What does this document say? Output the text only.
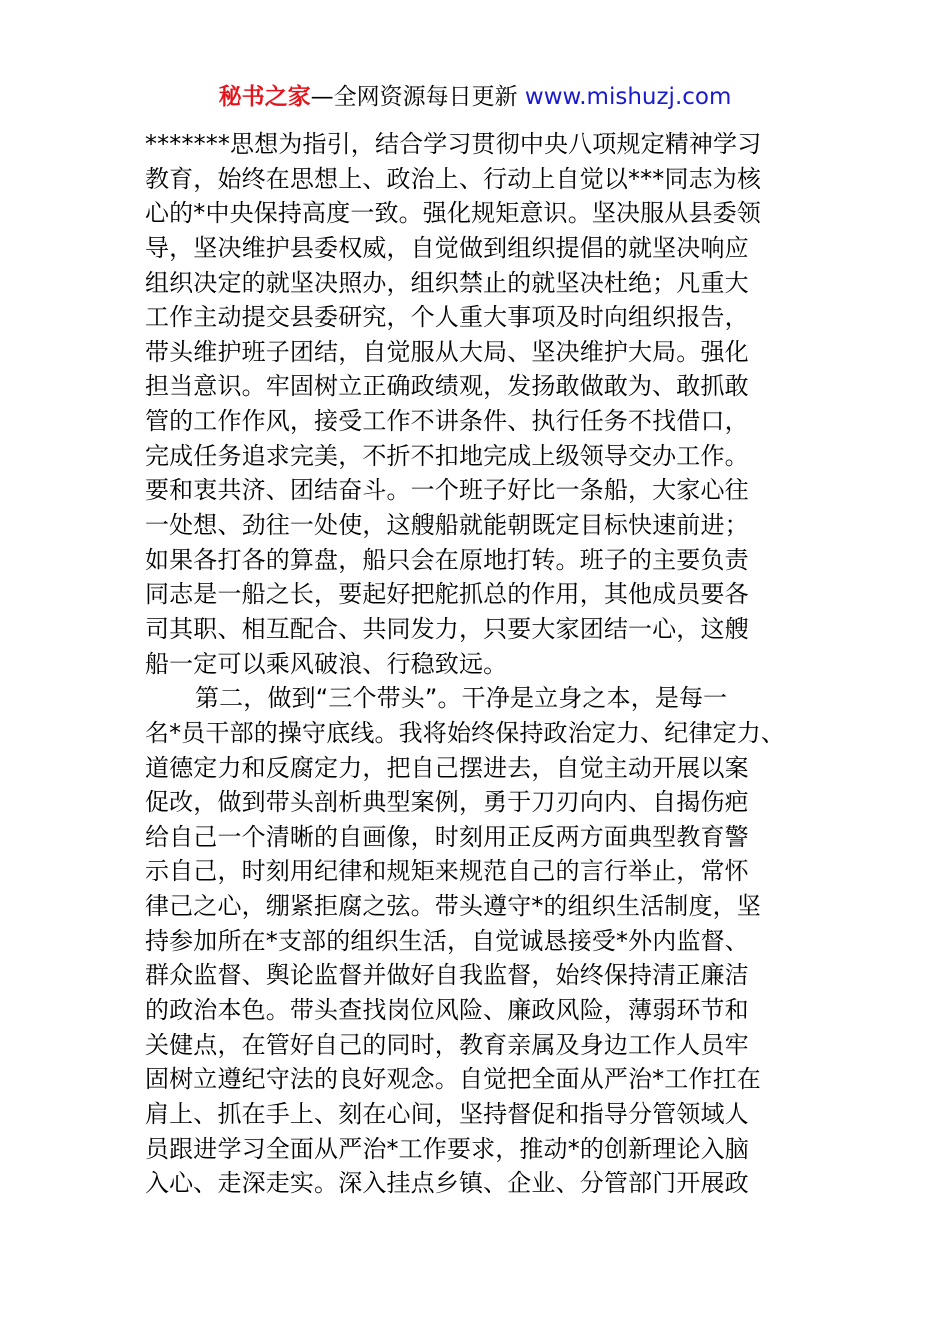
秘书之家—全网资源每日更新 www.mishuzj.com
*******思想为指引，结合学习贯彻中央八项规定精神学习
教育，始终在思想上、政治上、行动上自觉以***同志为核
心的*中央保持高度一致。强化规矩意识。坚决服从县委领
导，坚决维护县委权威，自觉做到组织提倡的就坚决响应
组织决定的就坚决照办，组织禁止的就坚决杜绝；凡重大
工作主动提交县委研究，个人重大事项及时向组织报告，
带头维护班子团结，自觉服从大局、坚决维护大局。强化
担当意识。牢固树立正确政绩观，发扬敢做敢为、敢抓敢
管的工作作风，接受工作不讲条件、执行任务不找借口，
完成任务追求完美，不折不扣地完成上级领导交办工作。
要和衷共济、团结奋斗。一个班子好比一条船，大家心往
一处想、劲往一处使，这艘船就能朝既定目标快速前进；
如果各打各的算盘，船只会在原地打转。班子的主要负责
同志是一船之长，要起好把舵抓总的作用，其他成员要各
司其职、相互配合、共同发力，只要大家团结一心，这艘
船一定可以乘风破浪、行稳致远。
第二，做到“三个带头”。干净是立身之本，是每一
名*员干部的操守底线。我将始终保持政治定力、纪律定力、
道德定力和反腐定力，把自己摆进去，自觉主动开展以案
促改，做到带头剖析典型案例，勇于刀刃向内、自揭伤疤
给自己一个清晰的自画像，时刻用正反两方面典型教育警
示自己，时刻用纪律和规矩来规范自己的言行举止，常怀
律己之心，绷紧拒腐之弦。带头遵守*的组织生活制度，坚
持参加所在*支部的组织生活，自觉诚恳接受*外内监督、
群众监督、舆论监督并做好自我监督，始终保持清正廉洁
的政治本色。带头查找岗位风险、廉政风险，薄弱环节和
关健点，在管好自己的同时，教育亲属及身边工作人员牢
固树立遵纪守法的良好观念。自觉把全面从严治*工作扛在
肩上、抓在手上、刻在心间，坚持督促和指导分管领域人
员跟进学习全面从严治*工作要求，推动*的创新理论入脑
入心、走深走实。深入挂点乡镇、企业、分管部门开展政
